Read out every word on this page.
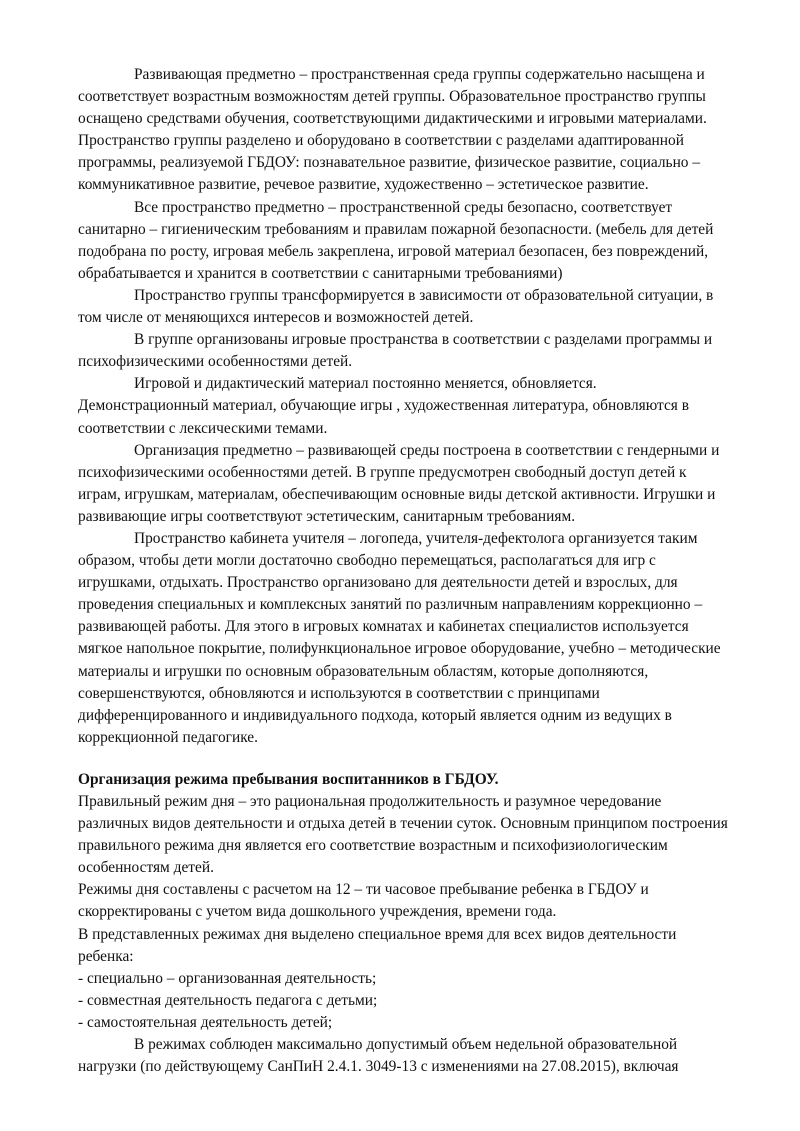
Развивающая предметно – пространственная среда группы содержательно насыщена и соответствует возрастным возможностям детей группы. Образовательное пространство группы оснащено средствами обучения, соответствующими дидактическими и игровыми материалами. Пространство группы разделено и оборудовано в соответствии с разделами адаптированной программы, реализуемой ГБДОУ: познавательное развитие, физическое развитие, социально – коммуникативное развитие, речевое развитие, художественно – эстетическое развитие.

Все пространство предметно – пространственной среды безопасно, соответствует санитарно – гигиеническим требованиям и правилам пожарной безопасности. (мебель для детей подобрана по росту, игровая мебель закреплена, игровой материал безопасен, без повреждений, обрабатывается и хранится в соответствии с санитарными требованиями)

Пространство группы трансформируется в зависимости от образовательной ситуации, в том числе от меняющихся интересов и возможностей детей.

В группе организованы игровые пространства в соответствии с разделами программы и психофизическими особенностями детей.

Игровой и дидактический материал постоянно меняется, обновляется. Демонстрационный материал, обучающие игры , художественная литература, обновляются в соответствии с лексическими темами.

Организация предметно – развивающей среды построена в соответствии с гендерными и психофизическими особенностями детей. В группе предусмотрен свободный доступ детей к играм, игрушкам, материалам, обеспечивающим основные виды детской активности. Игрушки и развивающие игры соответствуют эстетическим, санитарным требованиям.

Пространство кабинета учителя – логопеда, учителя-дефектолога организуется таким образом, чтобы дети могли достаточно свободно перемещаться, располагаться для игр с игрушками, отдыхать. Пространство организовано для деятельности детей и взрослых, для проведения специальных и комплексных занятий по различным направлениям коррекционно – развивающей работы. Для этого в игровых комнатах и кабинетах специалистов используется мягкое напольное покрытие, полифункциональное игровое оборудование, учебно – методические материалы и игрушки по основным образовательным областям, которые дополняются, совершенствуются, обновляются и используются в соответствии с принципами дифференцированного и индивидуального подхода, который является одним из ведущих в коррекционной педагогике.

Организация режима пребывания воспитанников в ГБДОУ.

Правильный режим дня – это рациональная продолжительность и разумное чередование различных видов деятельности и отдыха детей в течении суток. Основным принципом построения правильного режима дня является его соответствие возрастным и психофизиологическим особенностям детей.

Режимы дня составлены с расчетом на 12 – ти часовое пребывание ребенка в ГБДОУ и скорректированы с учетом вида дошкольного учреждения, времени года.

В представленных режимах дня выделено специальное время для всех видов деятельности ребенка:

- специально – организованная деятельность;

- совместная деятельность педагога с детьми;

- самостоятельная деятельность детей;

В режимах соблюден максимально допустимый объем недельной образовательной нагрузки (по действующему СанПиН 2.4.1. 3049-13 с изменениями на 27.08.2015), включая
